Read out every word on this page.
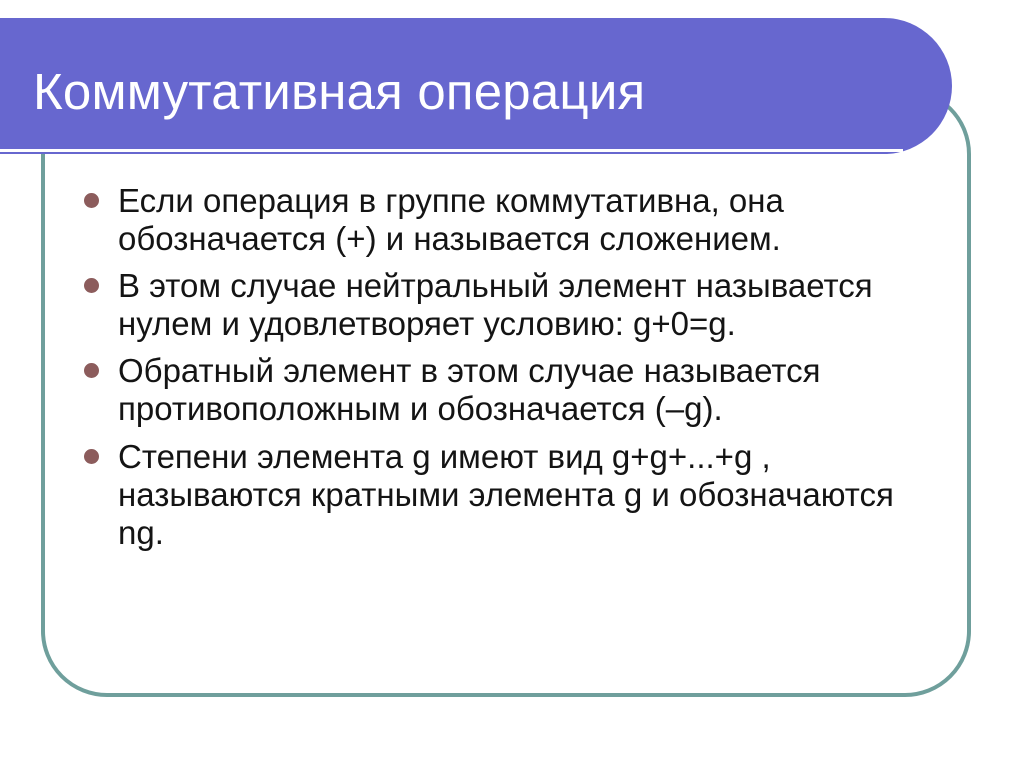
Коммутативная операция
Если операция в группе коммутативна, она обозначается (+) и называется сложением.
В этом случае нейтральный элемент называется нулем и удовлетворяет условию: g+0=g.
Обратный элемент в этом случае называется противоположным и обозначается (–g).
Степени элемента g имеют вид g+g+...+g , называются кратными элемента g и обозначаются ng.
